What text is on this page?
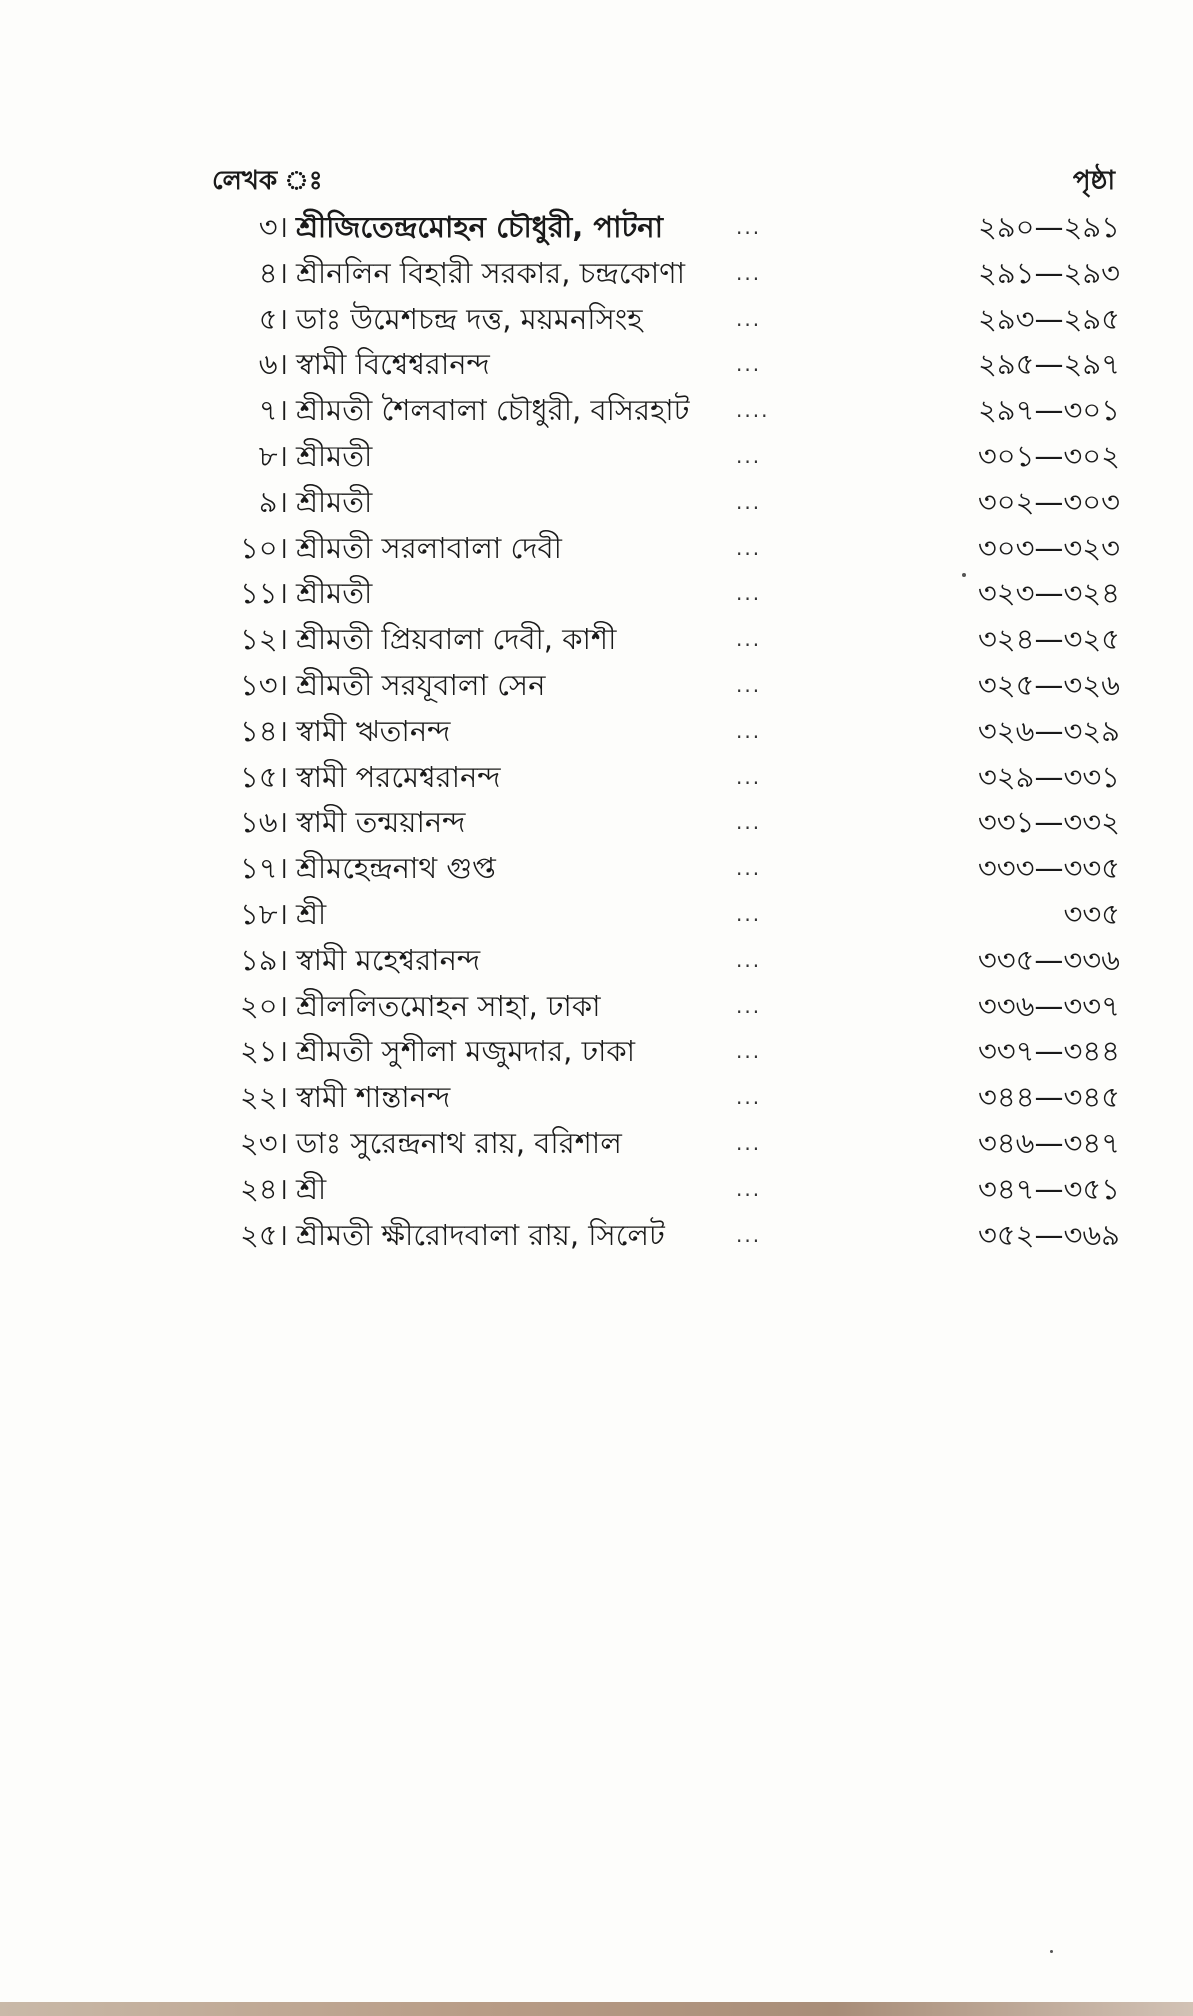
লেখক ঃ	পৃষ্ঠা
৩। শ্রীজিতেন্দ্রমোহন চৌধুরী, পাটনা	...	২৯০—২৯১
৪। শ্রীনলিন বিহারী সরকার, চন্দ্রকোণা	...	২৯১—২৯৩
৫। ডাঃ উমেশচন্দ্র দত্ত, ময়মনসিংহ	...	২৯৩—২৯৫
৬। স্বামী বিশ্বেশ্বরানন্দ	...	২৯৫—২৯৭
৭। শ্রীমতী শৈলবালা চৌধুরী, বসিরহাট ....	২৯৭—৩০১
৮। শ্রীমতী	...	৩০১—৩০২
৯। শ্রীমতী	...	৩০২—৩০৩
১০। শ্রীমতী সরলাবালা দেবী	...	৩০৩—৩২৩
১১। শ্রীমতী	...	৩২৩—৩২৪
১২। শ্রীমতী প্রিয়বালা দেবী, কাশী	...	৩২৪—৩২৫
১৩। শ্রীমতী সরযূবালা সেন	...	৩২৫—৩২৬
১৪। স্বামী ঋতানন্দ	...	৩২৬—৩২৯
১৫। স্বামী পরমেশ্বরানন্দ	...	৩২৯—৩৩১
১৬। স্বামী তন্ময়ানন্দ	...	৩৩১—৩৩২
১৭। শ্রীমহেন্দ্রনাথ গুপ্ত	...	৩৩৩—৩৩৫
১৮। শ্রী	...	৩৩৫
১৯। স্বামী মহেশ্বরানন্দ	...	৩৩৫—৩৩৬
২০। শ্রীললিতমোহন সাহা, ঢাকা	...	৩৩৬—৩৩৭
২১। শ্রীমতী সুশীলা মজুমদার, ঢাকা	...	৩৩৭—৩৪৪
২২। স্বামী শান্তানন্দ	...	৩৪৪—৩৪৫
২৩। ডাঃ সুরেন্দ্রনাথ রায়, বরিশাল	...	৩৪৬—৩৪৭
২৪। শ্রী	...	৩৪৭—৩৫১
২৫। শ্রীমতী ক্ষীরোদবালা রায়, সিলেট	...	৩৫২—৩৬৯
